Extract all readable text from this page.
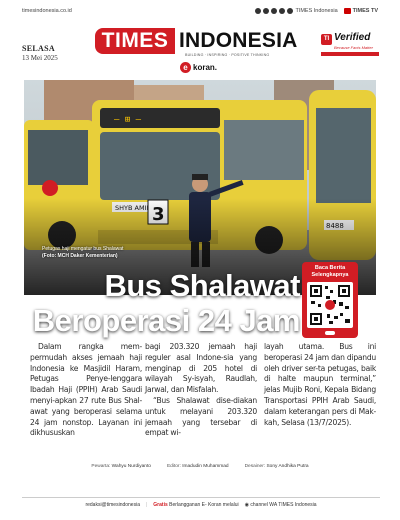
timesindonesia.co.id	TIMES Indonesia	TIMES TV
SELASA
13 Mei 2025
TIMES INDONESIA
BUILDING · INSPIRING · POSITIVE THINKING
e koran.
TI Verified
Because Facts Matter
Petugas haji mengatur bus Shalawat
(Foto: MCH Daker Kementerian)
Bus Shalawat
Beroperasi 24 Jam
Baca Berita Selengkapnya

Dalam rangka mem-permudah akses jemaah haji Indonesia ke Masjidil Haram, Petugas Penye-lenggara Ibadah Haji (PPIH) Arab Saudi menyi-apkan 27 rute Bus Shal-awat yang beroperasi selama 24 jam nonstop. Layanan ini dikhususkan

bagi 203.320 jemaah haji reguler asal Indone-sia yang menginap di 205 hotel di wilayah Sy-isyah, Raudlah, Jarwal, dan Misfalah.

“Bus Shalawat dise-diakan untuk melayani 203.320 jemaah yang tersebar di empat wi-

layah utama. Bus ini beroperasi 24 jam dan dipandu oleh driver ser-ta petugas, baik di halte maupun terminal,” jelas Mujib Roni, Kepala Bidang Transportasi PPIH Arab Saudi, dalam keterangan pers di Mak-kah, Selasa (13/7/2025).

Pewarta: Wahyu Nurdiyanto	Editor: Imadudin Muhammad	Desainer: Sony Andhika Putra
redaksi@timesindonesia | Gratis Berlangganan E- Koran melalui ◉ channel WA TIMES Indonesia
